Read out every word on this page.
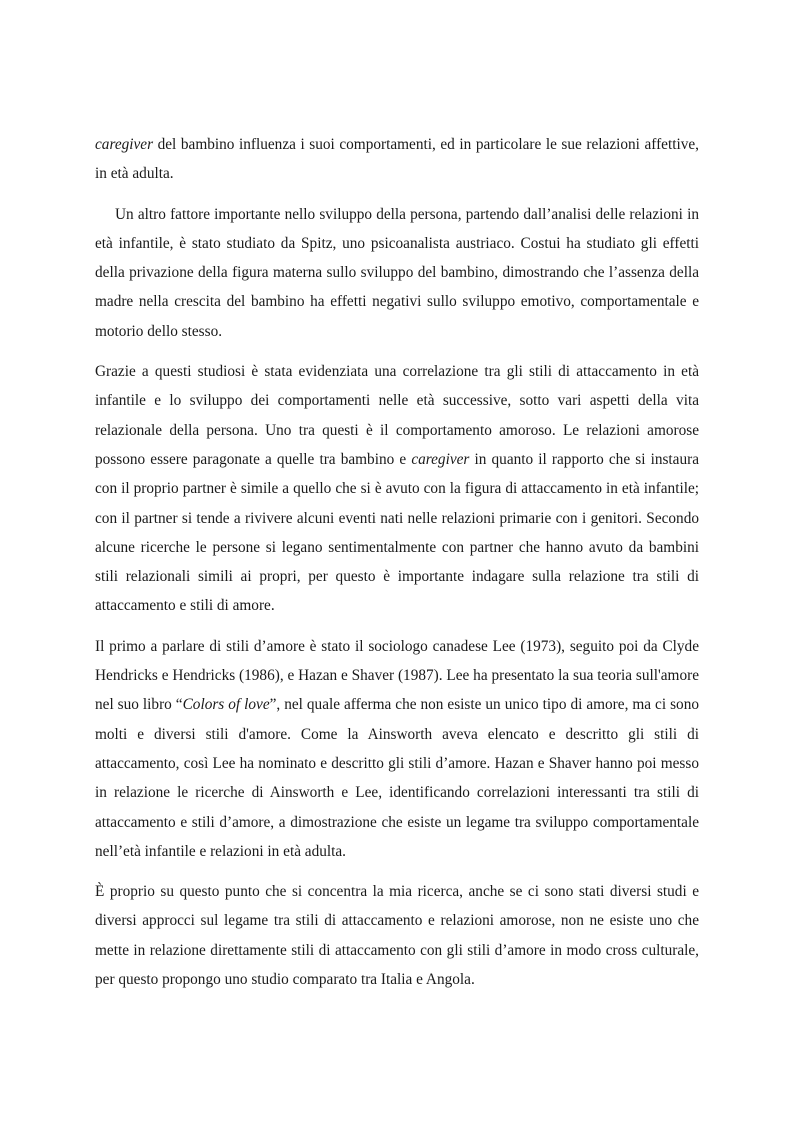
caregiver del bambino influenza i suoi comportamenti, ed in particolare le sue relazioni affettive, in età adulta.

Un altro fattore importante nello sviluppo della persona, partendo dall’analisi delle relazioni in età infantile, è stato studiato da Spitz, uno psicoanalista austriaco. Costui ha studiato gli effetti della privazione della figura materna sullo sviluppo del bambino, dimostrando che l’assenza della madre nella crescita del bambino ha effetti negativi sullo sviluppo emotivo, comportamentale e motorio dello stesso.

Grazie a questi studiosi è stata evidenziata una correlazione tra gli stili di attaccamento in età infantile e lo sviluppo dei comportamenti nelle età successive, sotto vari aspetti della vita relazionale della persona. Uno tra questi è il comportamento amoroso. Le relazioni amorose possono essere paragonate a quelle tra bambino e caregiver in quanto il rapporto che si instaura con il proprio partner è simile a quello che si è avuto con la figura di attaccamento in età infantile; con il partner si tende a rivivere alcuni eventi nati nelle relazioni primarie con i genitori. Secondo alcune ricerche le persone si legano sentimentalmente con partner che hanno avuto da bambini stili relazionali simili ai propri, per questo è importante indagare sulla relazione tra stili di attaccamento e stili di amore.

Il primo a parlare di stili d’amore è stato il sociologo canadese Lee (1973), seguito poi da Clyde Hendricks e Hendricks (1986), e Hazan e Shaver (1987). Lee ha presentato la sua teoria sull'amore nel suo libro “Colors of love”, nel quale afferma che non esiste un unico tipo di amore, ma ci sono molti e diversi stili d'amore. Come la Ainsworth aveva elencato e descritto gli stili di attaccamento, così Lee ha nominato e descritto gli stili d’amore. Hazan e Shaver hanno poi messo in relazione le ricerche di Ainsworth e Lee, identificando correlazioni interessanti tra stili di attaccamento e stili d’amore, a dimostrazione che esiste un legame tra sviluppo comportamentale nell’età infantile e relazioni in età adulta.

È proprio su questo punto che si concentra la mia ricerca, anche se ci sono stati diversi studi e diversi approcci sul legame tra stili di attaccamento e relazioni amorose, non ne esiste uno che mette in relazione direttamente stili di attaccamento con gli stili d’amore in modo cross culturale, per questo propongo uno studio comparato tra Italia e Angola.
